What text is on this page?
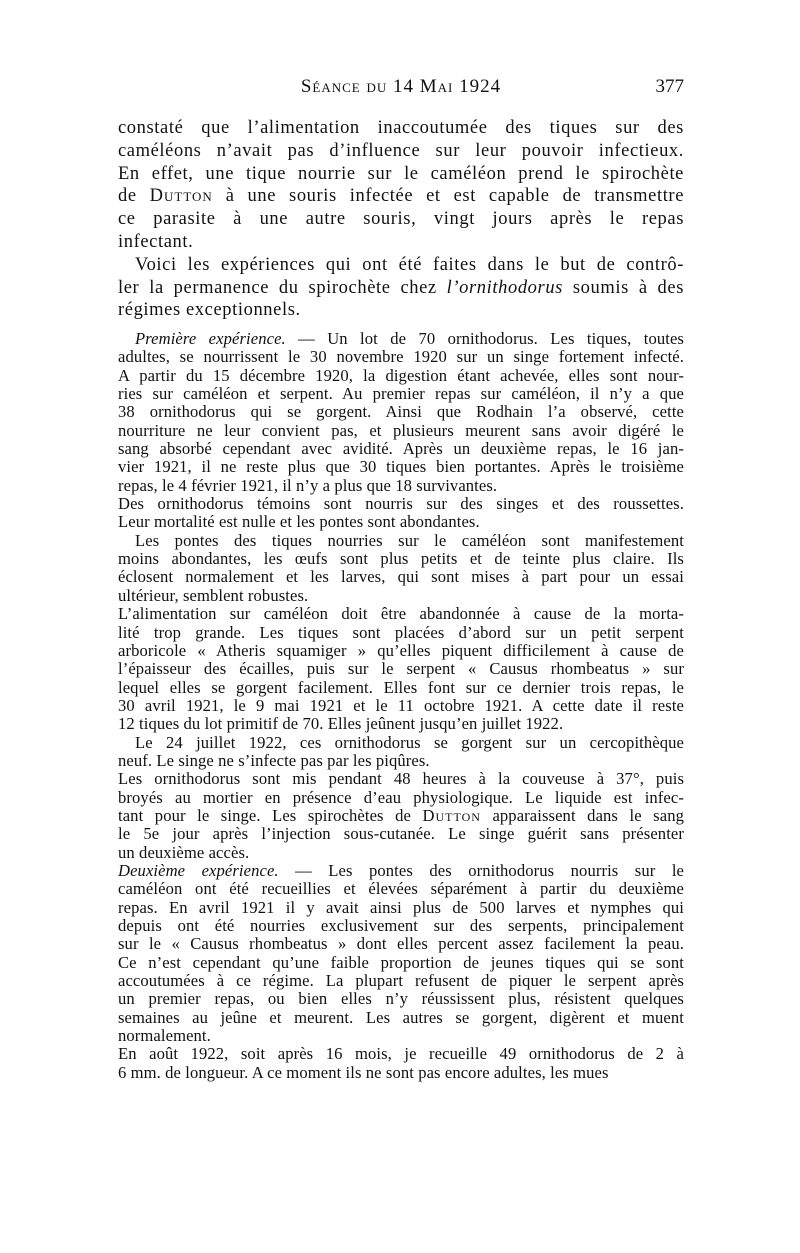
Séance du 14 Mai 1924	377

constaté que l’alimentation inaccoutumée des tiques sur des
caméléons n’avait pas d’influence sur leur pouvoir infectieux.
En effet, une tique nourrie sur le caméléon prend le spirochète
de Dutton à une souris infectée et est capable de transmettre
ce parasite à une autre souris, vingt jours après le repas
infectant.

Voici les expériences qui ont été faites dans le but de contrô-
ler la permanence du spirochète chez l’ornithodorus soumis à des
régimes exceptionnels.

Première expérience. — Un lot de 70 ornithodorus. Les tiques, toutes
adultes, se nourrissent le 30 novembre 1920 sur un singe fortement infecté.
A partir du 15 décembre 1920, la digestion étant achevée, elles sont nour-
ries sur caméléon et serpent. Au premier repas sur caméléon, il n’y a que
38 ornithodorus qui se gorgent. Ainsi que Rodhain l’a observé, cette
nourriture ne leur convient pas, et plusieurs meurent sans avoir digéré le
sang absorbé cependant avec avidité. Après un deuxième repas, le 16 jan-
vier 1921, il ne reste plus que 30 tiques bien portantes. Après le troisième
repas, le 4 février 1921, il n’y a plus que 18 survivantes.

Des ornithodorus témoins sont nourris sur des singes et des roussettes.
Leur mortalité est nulle et les pontes sont abondantes.

Les pontes des tiques nourries sur le caméléon sont manifestement
moins abondantes, les œufs sont plus petits et de teinte plus claire. Ils
éclosent normalement et les larves, qui sont mises à part pour un essai
ultérieur, semblent robustes.

L’alimentation sur caméléon doit être abandonnée à cause de la morta-
lité trop grande. Les tiques sont placées d’abord sur un petit serpent
arboricole « Atheris squamiger » qu’elles piquent difficilement à cause de
l’épaisseur des écailles, puis sur le serpent « Causus rhombeatus » sur
lequel elles se gorgent facilement. Elles font sur ce dernier trois repas, le
30 avril 1921, le 9 mai 1921 et le 11 octobre 1921. A cette date il reste
12 tiques du lot primitif de 70. Elles jeûnent jusqu’en juillet 1922.

Le 24 juillet 1922, ces ornithodorus se gorgent sur un cercopithèque
neuf. Le singe ne s’infecte pas par les piqûres.

Les ornithodorus sont mis pendant 48 heures à la couveuse à 37°, puis
broyés au mortier en présence d’eau physiologique. Le liquide est infec-
tant pour le singe. Les spirochètes de Dutton apparaissent dans le sang
le 5e jour après l’injection sous-cutanée. Le singe guérit sans présenter
un deuxième accès.

Deuxième expérience. — Les pontes des ornithodorus nourris sur le
caméléon ont été recueillies et élevées séparément à partir du deuxième
repas. En avril 1921 il y avait ainsi plus de 500 larves et nymphes qui
depuis ont été nourries exclusivement sur des serpents, principalement
sur le « Causus rhombeatus » dont elles percent assez facilement la peau.
Ce n’est cependant qu’une faible proportion de jeunes tiques qui se sont
accoutumées à ce régime. La plupart refusent de piquer le serpent après
un premier repas, ou bien elles n’y réussissent plus, résistent quelques
semaines au jeûne et meurent. Les autres se gorgent, digèrent et muent
normalement.

En août 1922, soit après 16 mois, je recueille 49 ornithodorus de 2 à
6 mm. de longueur. A ce moment ils ne sont pas encore adultes, les mues
